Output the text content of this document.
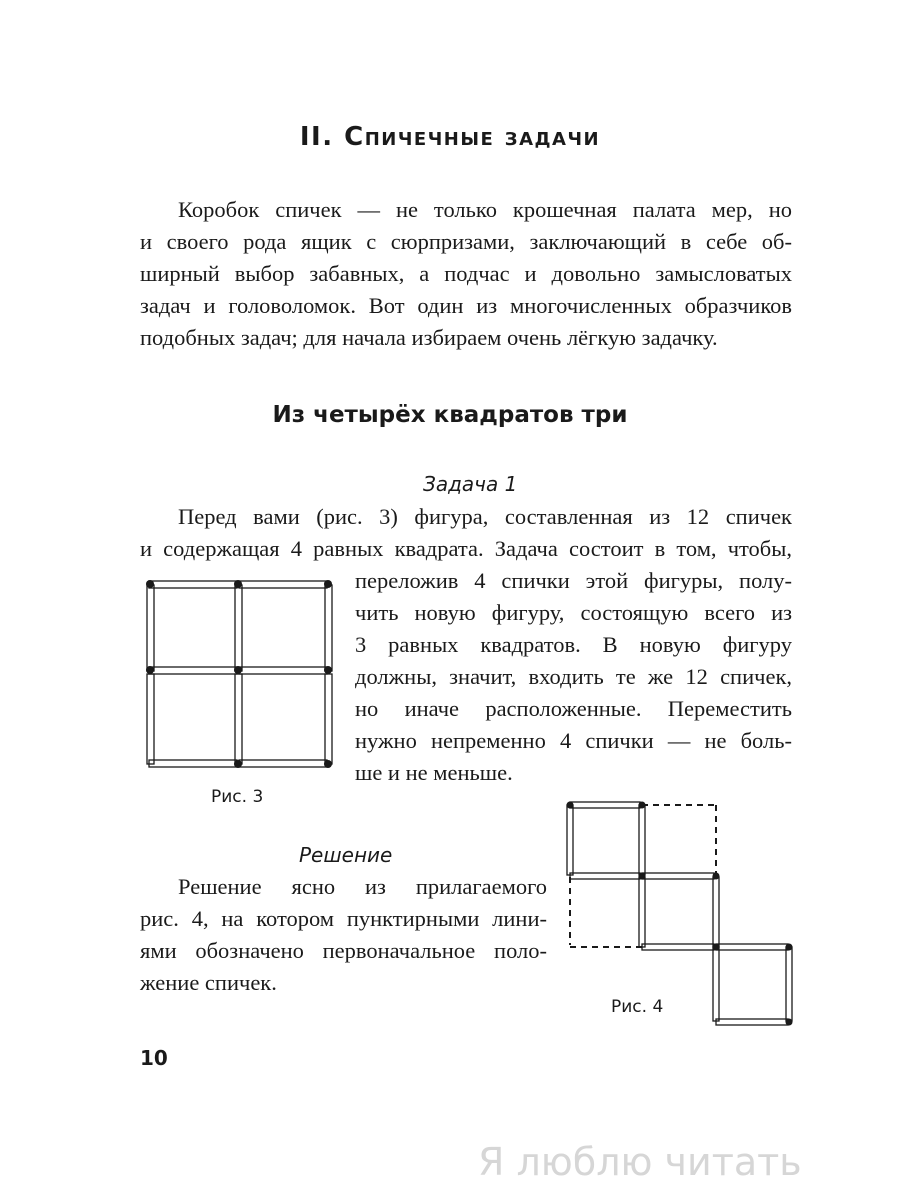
II. Спичечные задачи
Коробок спичек — не только крошечная палата мер, но
и своего рода ящик с сюрпризами, заключающий в себе об-
ширный выбор забавных, а подчас и довольно замысловатых
задач и головоломок. Вот один из многочисленных образчиков
подобных задач; для начала избираем очень лёгкую задачку.
Из четырёх квадратов три
Задача 1
Перед вами (рис. 3) фигура, составленная из 12 спичек
и содержащая 4 равных квадрата. Задача состоит в том, чтобы,
переложив 4 спички этой фигуры, полу-
чить новую фигуру, состоящую всего из
3 равных квадратов. В новую фигуру
должны, значит, входить те же 12 спичек,
но иначе расположенные. Переместить
нужно непременно 4 спички — не боль-
ше и не меньше.
Рис. 3
Решение
Решение ясно из прилагаемого
рис. 4, на котором пунктирными лини-
ями обозначено первоначальное поло-
жение спичек.
Рис. 4
10
Я люблю читать
